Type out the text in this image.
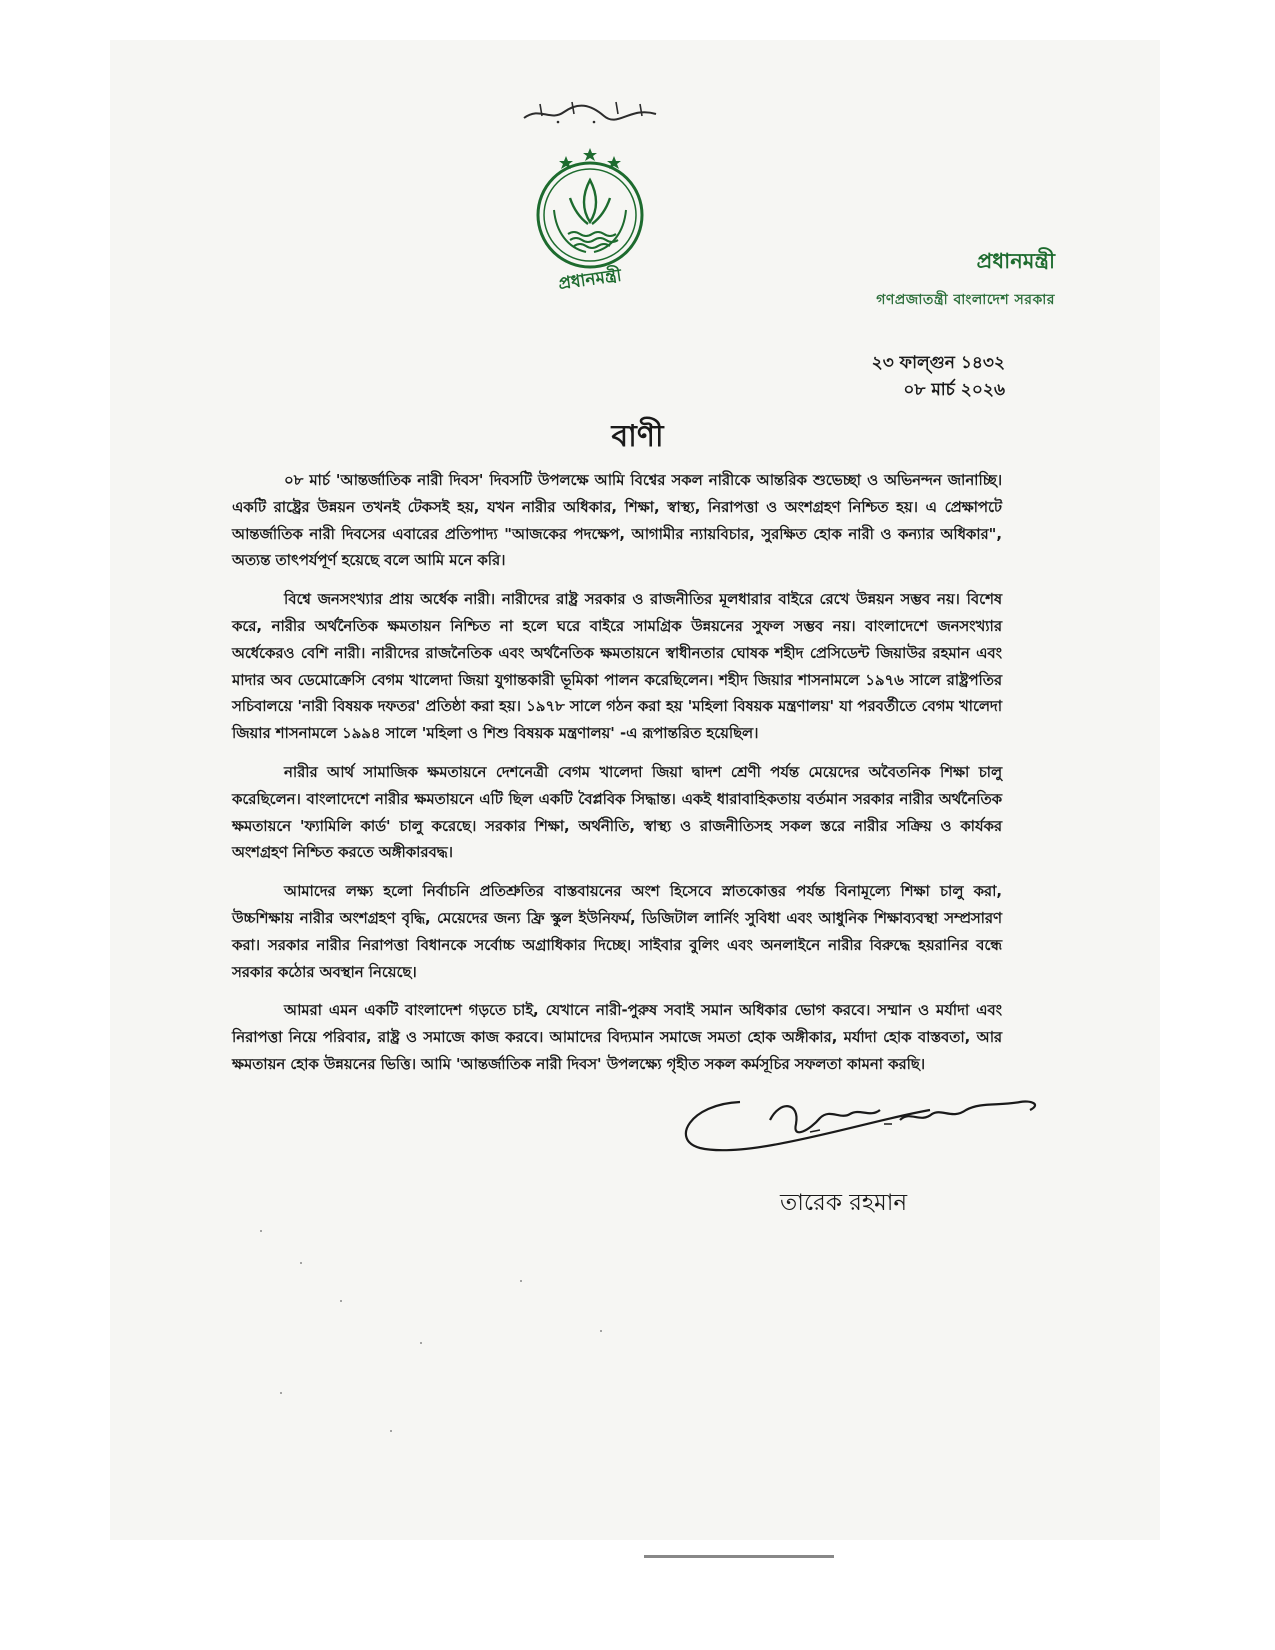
প্রধানমন্ত্রী
প্রধানমন্ত্রী
গণপ্রজাতন্ত্রী বাংলাদেশ সরকার
২৩ ফাল্গুন ১৪৩২
০৮ মার্চ ২০২৬
বাণী

০৮ মার্চ 'আন্তর্জাতিক নারী দিবস' দিবসটি উপলক্ষে আমি বিশ্বের সকল নারীকে আন্তরিক শুভেচ্ছা ও অভিনন্দন জানাচ্ছি। একটি রাষ্ট্রের উন্নয়ন তখনই টেকসই হয়, যখন নারীর অধিকার, শিক্ষা, স্বাস্থ্য, নিরাপত্তা ও অংশগ্রহণ নিশ্চিত হয়। এ প্রেক্ষাপটে আন্তর্জাতিক নারী দিবসের এবারের প্রতিপাদ্য "আজকের পদক্ষেপ, আগামীর ন্যায়বিচার, সুরক্ষিত হোক নারী ও কন্যার অধিকার", অত্যন্ত তাৎপর্যপূর্ণ হয়েছে বলে আমি মনে করি।

বিশ্বে জনসংখ্যার প্রায় অর্ধেক নারী। নারীদের রাষ্ট্র সরকার ও রাজনীতির মূলধারার বাইরে রেখে উন্নয়ন সম্ভব নয়। বিশেষ করে, নারীর অর্থনৈতিক ক্ষমতায়ন নিশ্চিত না হলে ঘরে বাইরে সামগ্রিক উন্নয়নের সুফল সম্ভব নয়। বাংলাদেশে জনসংখ্যার অর্ধেকেরও বেশি নারী। নারীদের রাজনৈতিক এবং অর্থনৈতিক ক্ষমতায়নে স্বাধীনতার ঘোষক শহীদ প্রেসিডেন্ট জিয়াউর রহমান এবং মাদার অব ডেমোক্রেসি বেগম খালেদা জিয়া যুগান্তকারী ভূমিকা পালন করেছিলেন। শহীদ জিয়ার শাসনামলে ১৯৭৬ সালে রাষ্ট্রপতির সচিবালয়ে 'নারী বিষয়ক দফতর' প্রতিষ্ঠা করা হয়। ১৯৭৮ সালে গঠন করা হয় 'মহিলা বিষয়ক মন্ত্রণালয়' যা পরবর্তীতে বেগম খালেদা জিয়ার শাসনামলে ১৯৯৪ সালে 'মহিলা ও শিশু বিষয়ক মন্ত্রণালয়' -এ রূপান্তরিত হয়েছিল।

নারীর আর্থ সামাজিক ক্ষমতায়নে দেশনেত্রী বেগম খালেদা জিয়া দ্বাদশ শ্রেণী পর্যন্ত মেয়েদের অবৈতনিক শিক্ষা চালু করেছিলেন। বাংলাদেশে নারীর ক্ষমতায়নে এটি ছিল একটি বৈপ্লবিক সিদ্ধান্ত। একই ধারাবাহিকতায় বর্তমান সরকার নারীর অর্থনৈতিক ক্ষমতায়নে 'ফ্যামিলি কার্ড' চালু করেছে। সরকার শিক্ষা, অর্থনীতি, স্বাস্থ্য ও রাজনীতিসহ সকল স্তরে নারীর সক্রিয় ও কার্যকর অংশগ্রহণ নিশ্চিত করতে অঙ্গীকারবদ্ধ।

আমাদের লক্ষ্য হলো নির্বাচনি প্রতিশ্রুতির বাস্তবায়নের অংশ হিসেবে স্নাতকোত্তর পর্যন্ত বিনামূল্যে শিক্ষা চালু করা, উচ্চশিক্ষায় নারীর অংশগ্রহণ বৃদ্ধি, মেয়েদের জন্য ফ্রি স্কুল ইউনিফর্ম, ডিজিটাল লার্নিং সুবিধা এবং আধুনিক শিক্ষাব্যবস্থা সম্প্রসারণ করা। সরকার নারীর নিরাপত্তা বিধানকে সর্বোচ্চ অগ্রাধিকার দিচ্ছে। সাইবার বুলিং এবং অনলাইনে নারীর বিরুদ্ধে হয়রানির বন্ধে সরকার কঠোর অবস্থান নিয়েছে।

আমরা এমন একটি বাংলাদেশ গড়তে চাই, যেখানে নারী-পুরুষ সবাই সমান অধিকার ভোগ করবে। সম্মান ও মর্যাদা এবং নিরাপত্তা নিয়ে পরিবার, রাষ্ট্র ও সমাজে কাজ করবে। আমাদের বিদ্যমান সমাজে সমতা হোক অঙ্গীকার, মর্যাদা হোক বাস্তবতা, আর ক্ষমতায়ন হোক উন্নয়নের ভিত্তি। আমি 'আন্তর্জাতিক নারী দিবস' উপলক্ষ্যে গৃহীত সকল কর্মসূচির সফলতা কামনা করছি।

তারেক রহমান
